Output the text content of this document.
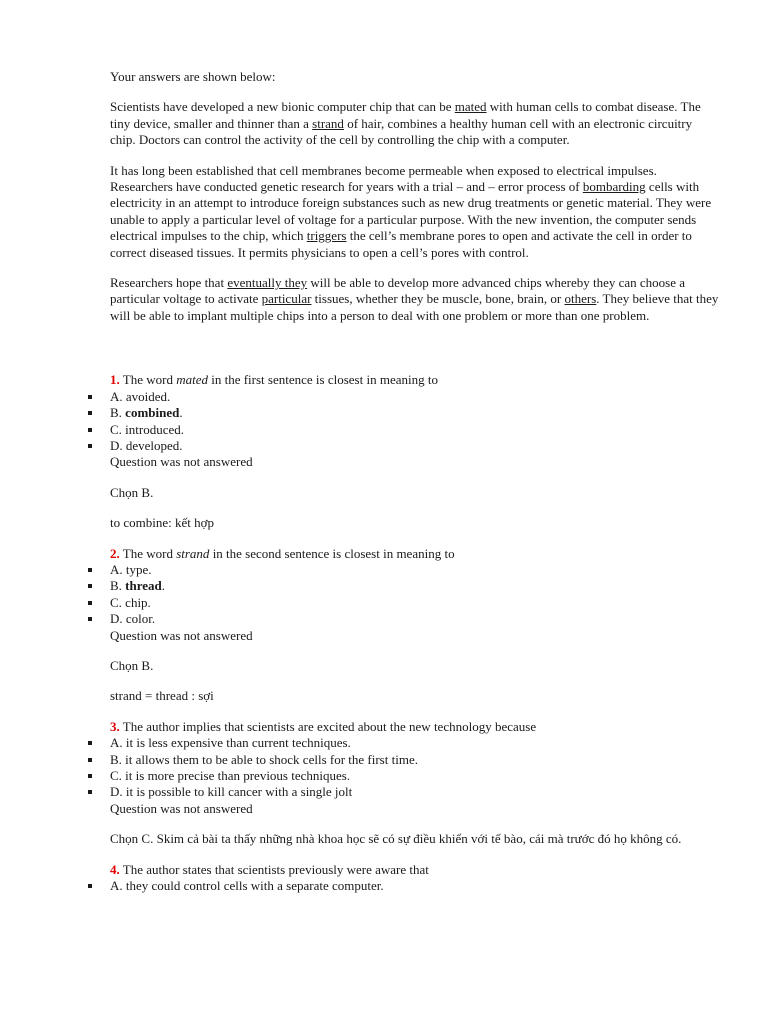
Your answers are shown below:

Scientists have developed a new bionic computer chip that can be mated with human cells to combat disease. The tiny device, smaller and thinner than a strand of hair, combines a healthy human cell with an electronic circuitry chip. Doctors can control the activity of the cell by controlling the chip with a computer.

It has long been established that cell membranes become permeable when exposed to electrical impulses. Researchers have conducted genetic research for years with a trial – and – error process of bombarding cells with electricity in an attempt to introduce foreign substances such as new drug treatments or genetic material. They were unable to apply a particular level of voltage for a particular purpose. With the new invention, the computer sends electrical impulses to the chip, which triggers the cell’s membrane pores to open and activate the cell in order to correct diseased tissues. It permits physicians to open a cell’s pores with control.

Researchers hope that eventually they will be able to develop more advanced chips whereby they can choose a particular voltage to activate particular tissues, whether they be muscle, bone, brain, or others. They believe that they will be able to implant multiple chips into a person to deal with one problem or more than one problem.

1. The word mated in the first sentence is closest in meaning to

A. avoided.
B. combined.
C. introduced.
D. developed.

Question was not answered

Chọn B.

to combine: kết hợp

2. The word strand in the second sentence is closest in meaning to

A. type.
B. thread.
C. chip.
D. color.

Question was not answered

Chọn B.

strand = thread : sợi

3. The author implies that scientists are excited about the new technology because

A. it is less expensive than current techniques.
B. it allows them to be able to shock cells for the first time.
C. it is more precise than previous techniques.
D. it is possible to kill cancer with a single jolt

Question was not answered

Chọn C. Skim cả bài ta thấy những nhà khoa học sẽ có sự điều khiển với tế bào, cái mà trước đó họ không có.

4. The author states that scientists previously were aware that

A. they could control cells with a separate computer.
